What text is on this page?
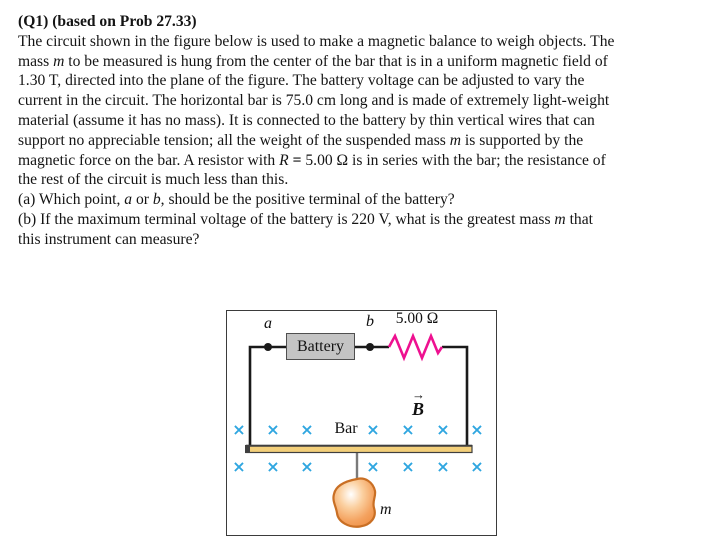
(Q1) (based on Prob 27.33)
The circuit shown in the figure below is used to make a magnetic balance to weigh objects. The
mass m to be measured is hung from the center of the bar that is in a uniform magnetic field of
1.30 T, directed into the plane of the figure. The battery voltage can be adjusted to vary the
current in the circuit. The horizontal bar is 75.0 cm long and is made of extremely light-weight
material (assume it has no mass). It is connected to the battery by thin vertical wires that can
support no appreciable tension; all the weight of the suspended mass m is supported by the
magnetic force on the bar. A resistor with R = 5.00 Ω is in series with the bar; the resistance of
the rest of the circuit is much less than this.
(a) Which point, a or b, should be the positive terminal of the battery?
(b) If the maximum terminal voltage of the battery is 220 V, what is the greatest mass m that
this instrument can measure?
a
Battery
b	5.00 Ω
→
B
Bar
m
× × ×	× × × ×
× × ×	× × × ×
